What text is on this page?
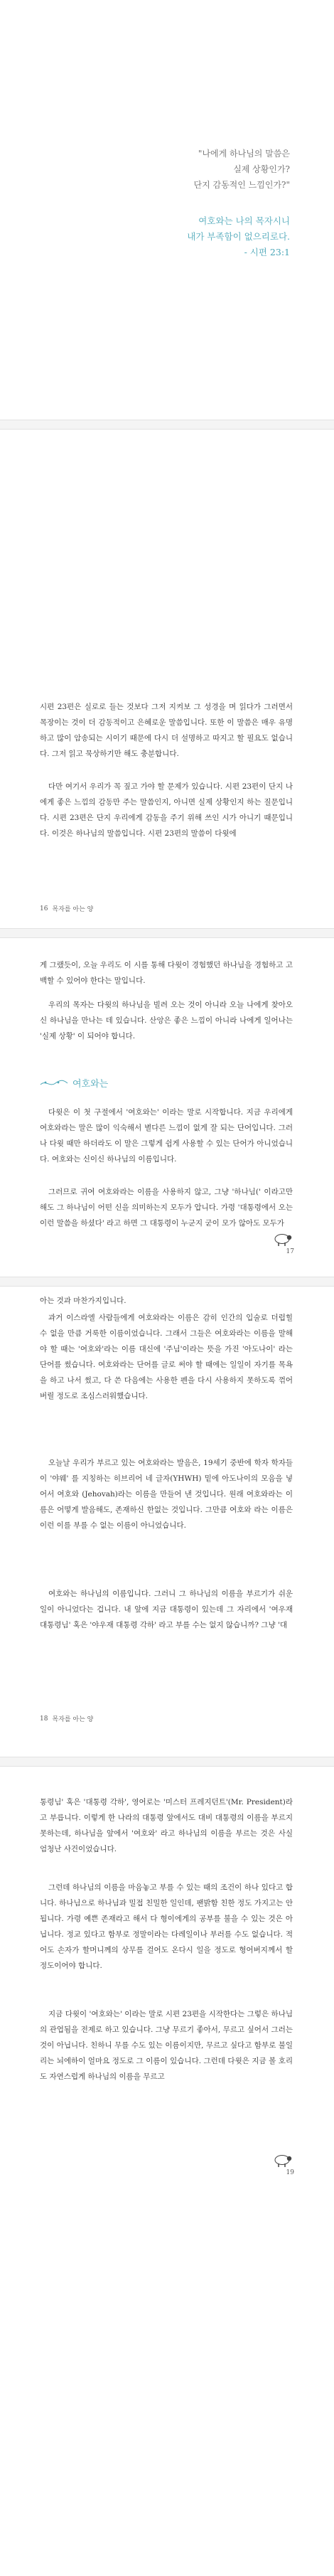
"나에게 하나님의 말씀은
실제 상황인가?
단지 감동적인 느낌인가?"
여호와는 나의 목자시니
내가 부족함이 없으리로다.
- 시편 23:1

시편 23편은 실로로 들는 것보다 그저 지켜보 그 성경을 며 읽다가 그러면서 목장이는 것이 더 감동적이고 은혜로운 말씀입니다. 또한 이 말씀은 매우 유명하고 많이 암송되는 시이기 때문에 다시 더 설명하고 따지고 할 필요도 없습니다. 그저 읽고 묵상하기만 해도 충분합니다.

다만 여기서 우리가 꼭 짚고 가야 할 문제가 있습니다. 시편 23편이 단지 나에게 좋은 느낌의 감동만 주는 말씀인지, 아니면 실제 상황인지 하는 질문입니다. 시편 23편은 단지 우리에게 감동을 주기 위해 쓰인 시가 아니기 때문입니다. 이것은 하나님의 말씀입니다. 시편 23편의 말씀이 다윗에

16 목자를 아는 양

게 그랬듯이, 오늘 우리도 이 시를 통해 다윗이 경험했던 하나님을 경험하고 고백할 수 있어야 한다는 말입니다.

우리의 목자는 다윗의 하나님을 빌려 오는 것이 아니라 오늘 나에게 찾아오신 하나님을 만나는 데 있습니다. 산앙은 좋은 느낌이 아니라 나에게 일어나는 '실제 상황' 이 되어야 합니다.

여호와는

다윗은 이 첫 구절에서 '여호와는' 이라는 말로 시작합니다. 지금 우리에게 여호와라는 말은 많이 익숙해서 별다른 느낌이 없게 잘 되는 단어입니다. 그러나 다윗 때만 하더라도 이 말은 그렇게 쉽게 사용할 수 있는 단어가 아니었습니다. 여호와는 신이신 하나님의 이름입니다.

그러므로 귀여 여호와라는 이름을 사용하지 않고, 그냥 '하나님(' 이라고만 해도 그 하나님이 어떤 신을 의미하는지 모두가 압니다. 가령 '대통령에서 오는 이런 말씀을 하셨다' 라고 하면 그 대통령이 누군지 굳이 모가 않아도 모두가

17

아는 것과 마찬가지입니다.

과거 이스라엘 사람들에게 여호와라는 이름은 감히 인간의 입술로 더럽힐 수 없을 만큼 거룩한 이름이었습니다. 그래서 그들은 여호와라는 이름을 말해야 할 때는 '여호와'라는 이름 대신에 '주님'이라는 뜻을 가진 '아도나이' 라는 단어를 썼습니다. 여호와라는 단어를 글로 써야 할 때에는 일일이 자기를 목욕을 하고 나서 썼고, 다 쓴 다음에는 사용한 펜을 다시 사용하지 못하도록 꺾어 버릴 정도로 조심스러워했습니다.

오늘날 우리가 부르고 있는 여호와라는 발음은, 19세기 중반에 학자 학자들이 '야웨' 를 지칭하는 히브리어 네 글자(YHWH) 밑에 아도나이의 모음을 넣어서 여호와 (Jehovah)라는 이름을 만들어 낸 것입니다. 원래 여호와라는 이름은 어떻게 발음해도, 존재하신 한없는 것입니다. 그만큼 여호와 라는 이름은 이런 이를 부를 수 없는 이름이 아니었습니다.

여호와는 하나님의 이름입니다. 그러니 그 하나님의 이름을 부르기가 쉬운 일이 아니었다는 겁니다. 내 앞에 지금 대통령이 있는데 그 자리에서 '여우재 대통령님' 혹은 '야우재 대통령 각하' 라고 부를 수는 없지 않습니까? 그냥 '대

18 목자를 아는 양

통령님' 혹은 '대통령 각하', 영어로는 '미스터 프레지던트'(Mr. President)라고 부릅니다. 이렇게 한 나라의 대통령 앞에서도 대비 대통령의 이름을 부르지 못하는데, 하나님을 앞에서 '여호와' 라고 하나님의 이름을 부르는 것은 사실 엄청난 사건이었습니다.

그런데 하나님의 이름을 마음놓고 부를 수 있는 때의 조건이 하나 있다고 합니다. 하나님으로 하나님과 밀접 친밀한 일인데, 팬밝함 친한 정도 가지고는 안 됩니다. 가령 예쁜 존재라고 해서 다 형이에게의 공부를 불을 수 있는 것은 아닙니다. 정교 있다고 함부로 정말이라는 다레일이나 부러를 수도 없습니다. 적어도 손자가 할머니께의 상무를 걸어도 온다시 일을 정도로 형어버지께서 할 정도이어야 합니다.

지금 다윗이 '여호와는' 이라는 말로 시편 23편을 시작한다는 그렇은 하나님의 관업됨을 전제로 하고 있습니다. 그냥 무르기 좋아서, 무르고 싶어서 그러는 것이 아닙니다. 친하니 무를 수도 있는 이름이지만, 무르고 싶다고 함부로 불일리는 뇌에하이 얼마요 정도로 그 이름이 있습니다. 그런데 다윗은 지금 볼 호리도 자연스럽게 하나님의 이름을 무르고

19
